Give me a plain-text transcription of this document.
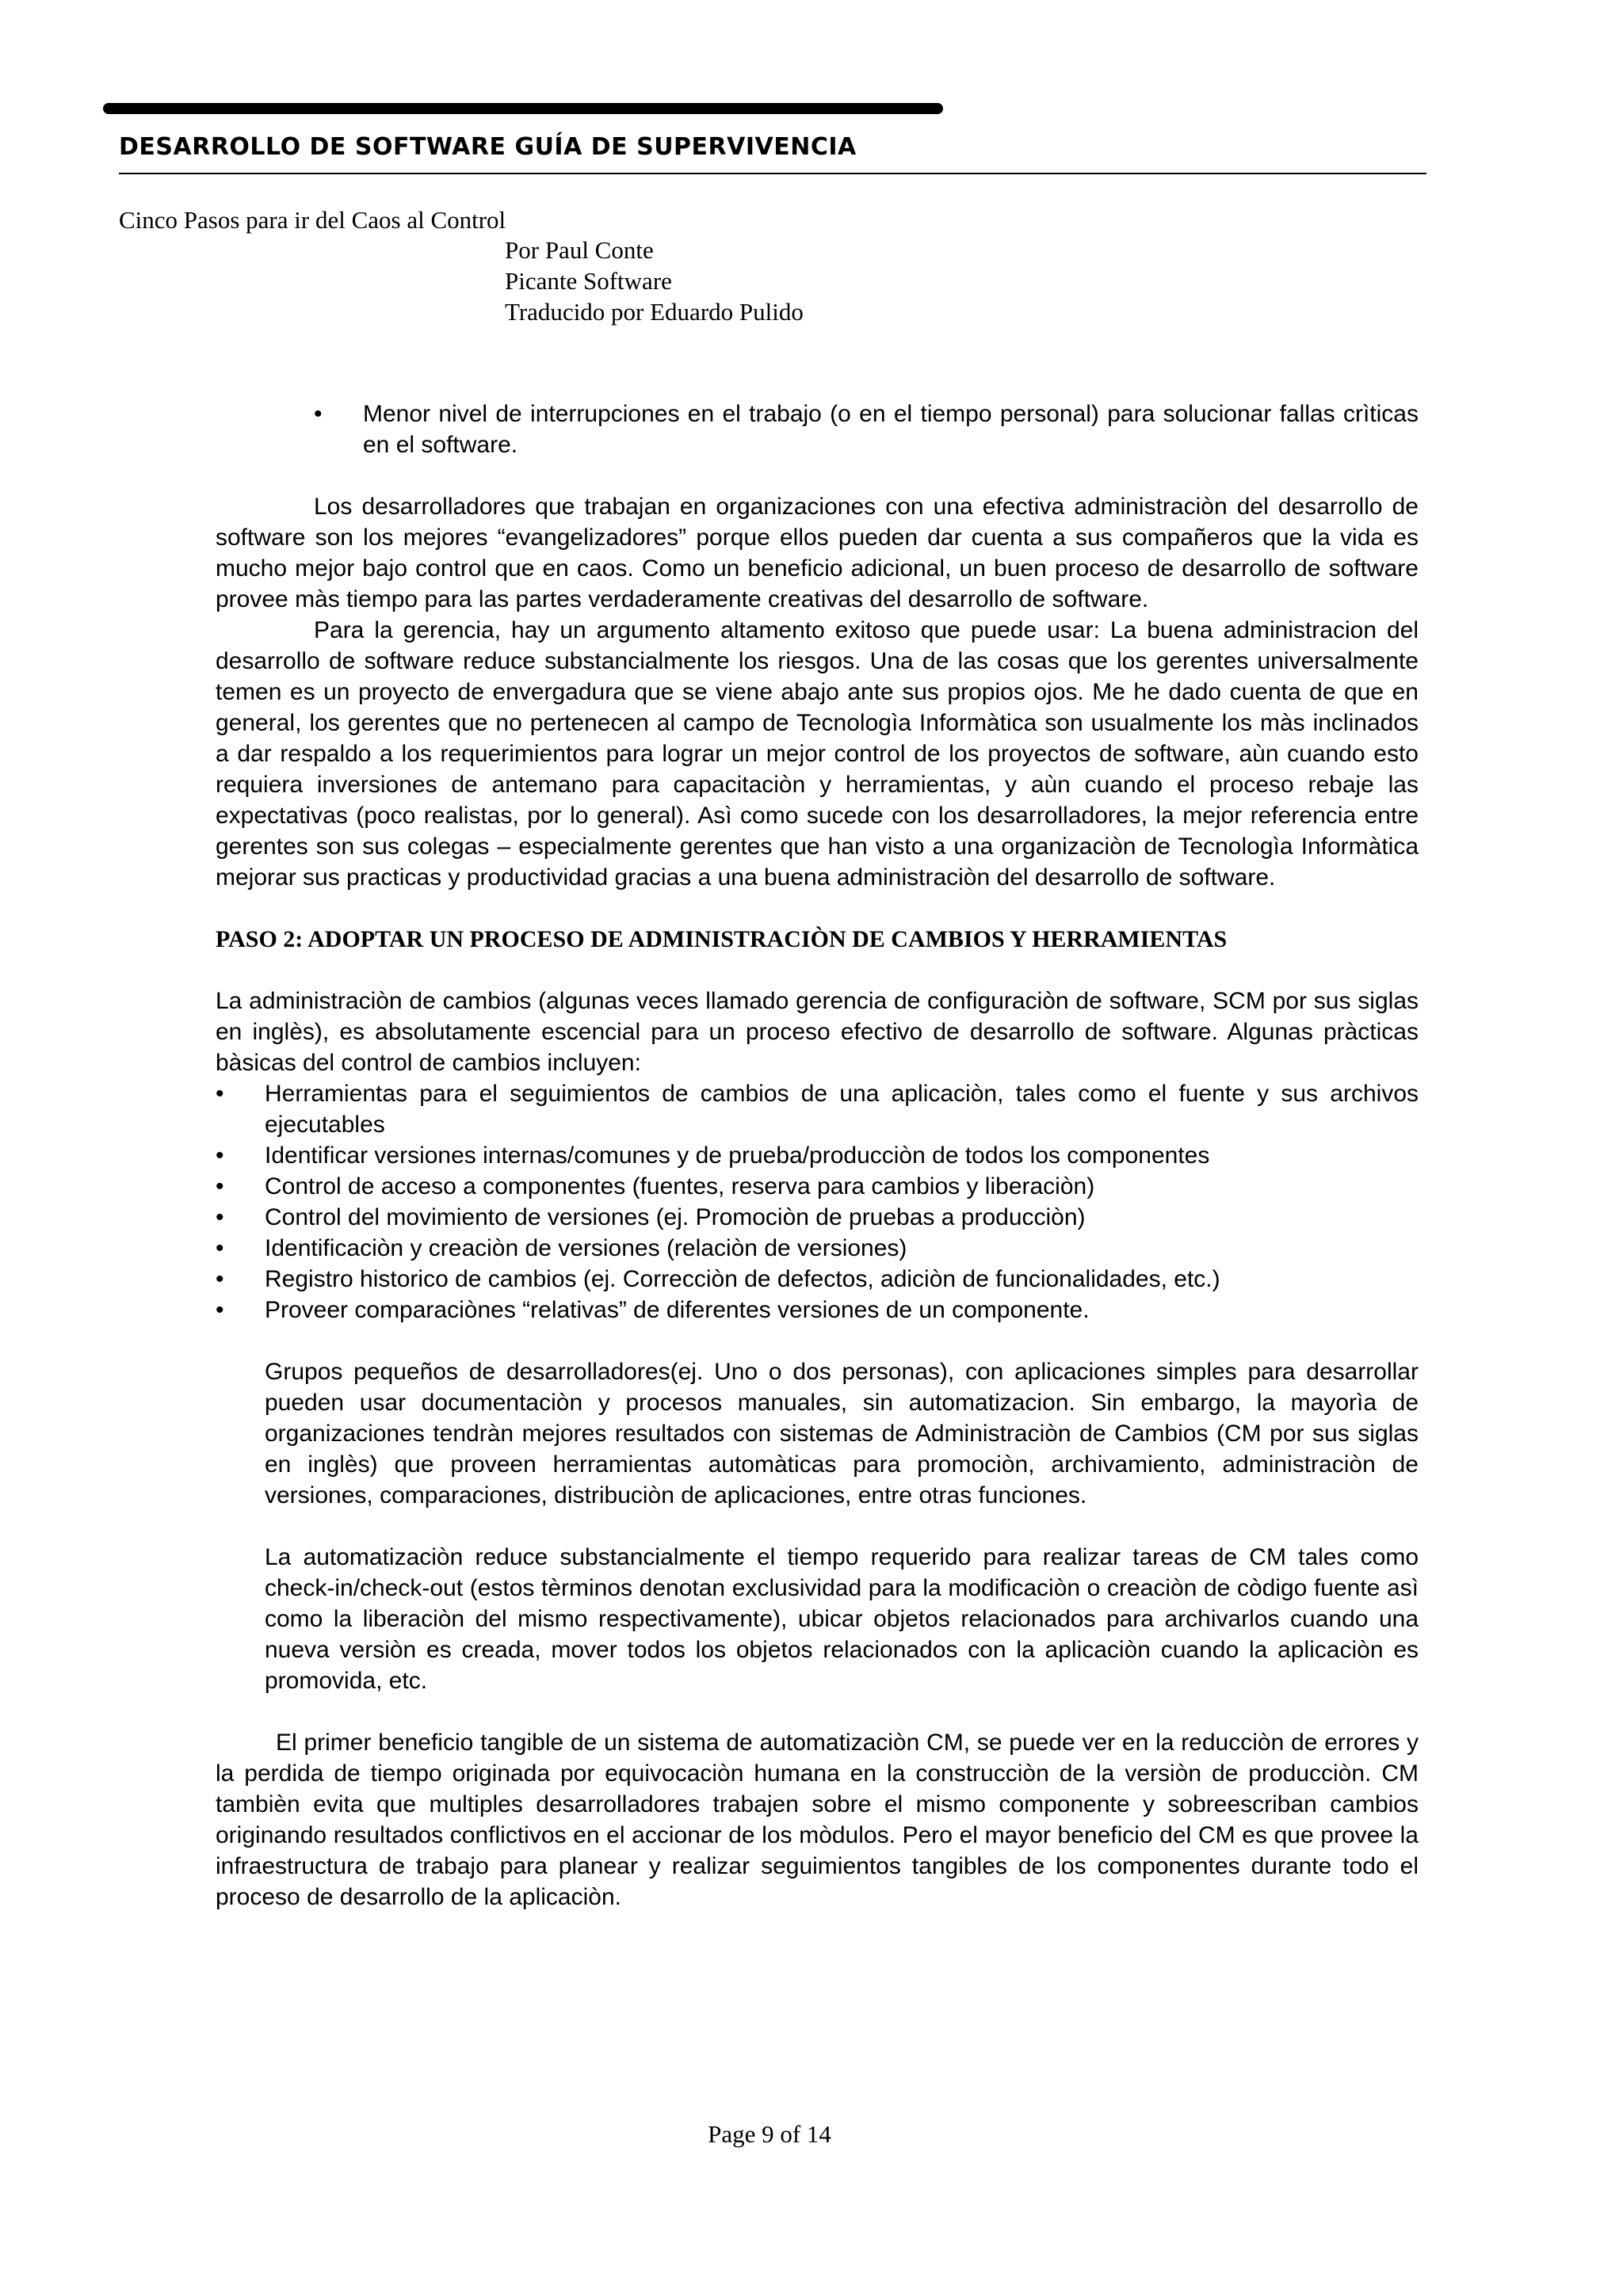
DESARROLLO DE SOFTWARE GUÍA DE SUPERVIVENCIA

Cinco Pasos para ir del Caos al Control

Por Paul Conte
Picante Software
Traducido por Eduardo Pulido
• Menor nivel de interrupciones en el trabajo (o en el tiempo personal) para solucionar fallas crìticas en el software.

Los desarrolladores que trabajan en organizaciones con una efectiva administraciòn del desarrollo de software son los mejores “evangelizadores” porque ellos pueden dar cuenta a sus compañeros que la vida es mucho mejor bajo control que en caos. Como un beneficio adicional, un buen proceso de desarrollo de software provee màs tiempo para las partes verdaderamente creativas del desarrollo de software.

Para la gerencia, hay un argumento altamento exitoso que puede usar: La buena administracion del desarrollo de software reduce substancialmente los riesgos. Una de las cosas que los gerentes universalmente temen es un proyecto de envergadura que se viene abajo ante sus propios ojos. Me he dado cuenta de que en general, los gerentes que no pertenecen al campo de Tecnologìa Informàtica son usualmente los màs inclinados a dar respaldo a los requerimientos para lograr un mejor control de los proyectos de software, aùn cuando esto requiera inversiones de antemano para capacitaciòn y herramientas, y aùn cuando el proceso rebaje las expectativas (poco realistas, por lo general). Asì como sucede con los desarrolladores, la mejor referencia entre gerentes son sus colegas – especialmente gerentes que han visto a una organizaciòn de Tecnologìa Informàtica mejorar sus practicas y productividad gracias a una buena administraciòn del desarrollo de software.

PASO 2: ADOPTAR UN PROCESO DE ADMINISTRACIÒN DE CAMBIOS Y HERRAMIENTAS

La administraciòn de cambios (algunas veces llamado gerencia de configuraciòn de software, SCM por sus siglas en inglès), es absolutamente escencial para un proceso efectivo de desarrollo de software. Algunas pràcticas bàsicas del control de cambios incluyen:

• Herramientas para el seguimientos de cambios de una aplicaciòn, tales como el fuente y sus archivos ejecutables
• Identificar versiones internas/comunes y de prueba/producciòn de todos los componentes
• Control de acceso a componentes (fuentes, reserva para cambios y liberaciòn)
• Control del movimiento de versiones (ej. Promociòn de pruebas a producciòn)
• Identificaciòn y creaciòn de versiones (relaciòn de versiones)
• Registro historico de cambios (ej. Correcciòn de defectos, adiciòn de funcionalidades, etc.)
• Proveer comparaciònes “relativas” de diferentes versiones de un componente.

Grupos pequeños de desarrolladores(ej. Uno o dos personas), con aplicaciones simples para desarrollar pueden usar documentaciòn y procesos manuales, sin automatizacion. Sin embargo, la mayorìa de organizaciones tendràn mejores resultados con sistemas de Administraciòn de Cambios (CM por sus siglas en inglès) que proveen herramientas automàticas para promociòn, archivamiento, administraciòn de versiones, comparaciones, distribuciòn de aplicaciones, entre otras funciones.

La automatizaciòn reduce substancialmente el tiempo requerido para realizar tareas de CM tales como check-in/check-out (estos tèrminos denotan exclusividad para la modificaciòn o creaciòn de còdigo fuente asì como la liberaciòn del mismo respectivamente), ubicar objetos relacionados para archivarlos cuando una nueva versiòn es creada, mover todos los objetos relacionados con la aplicaciòn cuando la aplicaciòn es promovida, etc.

El primer beneficio tangible de un sistema de automatizaciòn CM, se puede ver en la reducciòn de errores y la perdida de tiempo originada por equivocaciòn humana en la construcciòn de la versiòn de producciòn. CM tambièn evita que multiples desarrolladores trabajen sobre el mismo componente y sobreescriban cambios originando resultados conflictivos en el accionar de los mòdulos. Pero el mayor beneficio del CM es que provee la infraestructura de trabajo para planear y realizar seguimientos tangibles de los componentes durante todo el proceso de desarrollo de la aplicaciòn.

Page 9 of 14
